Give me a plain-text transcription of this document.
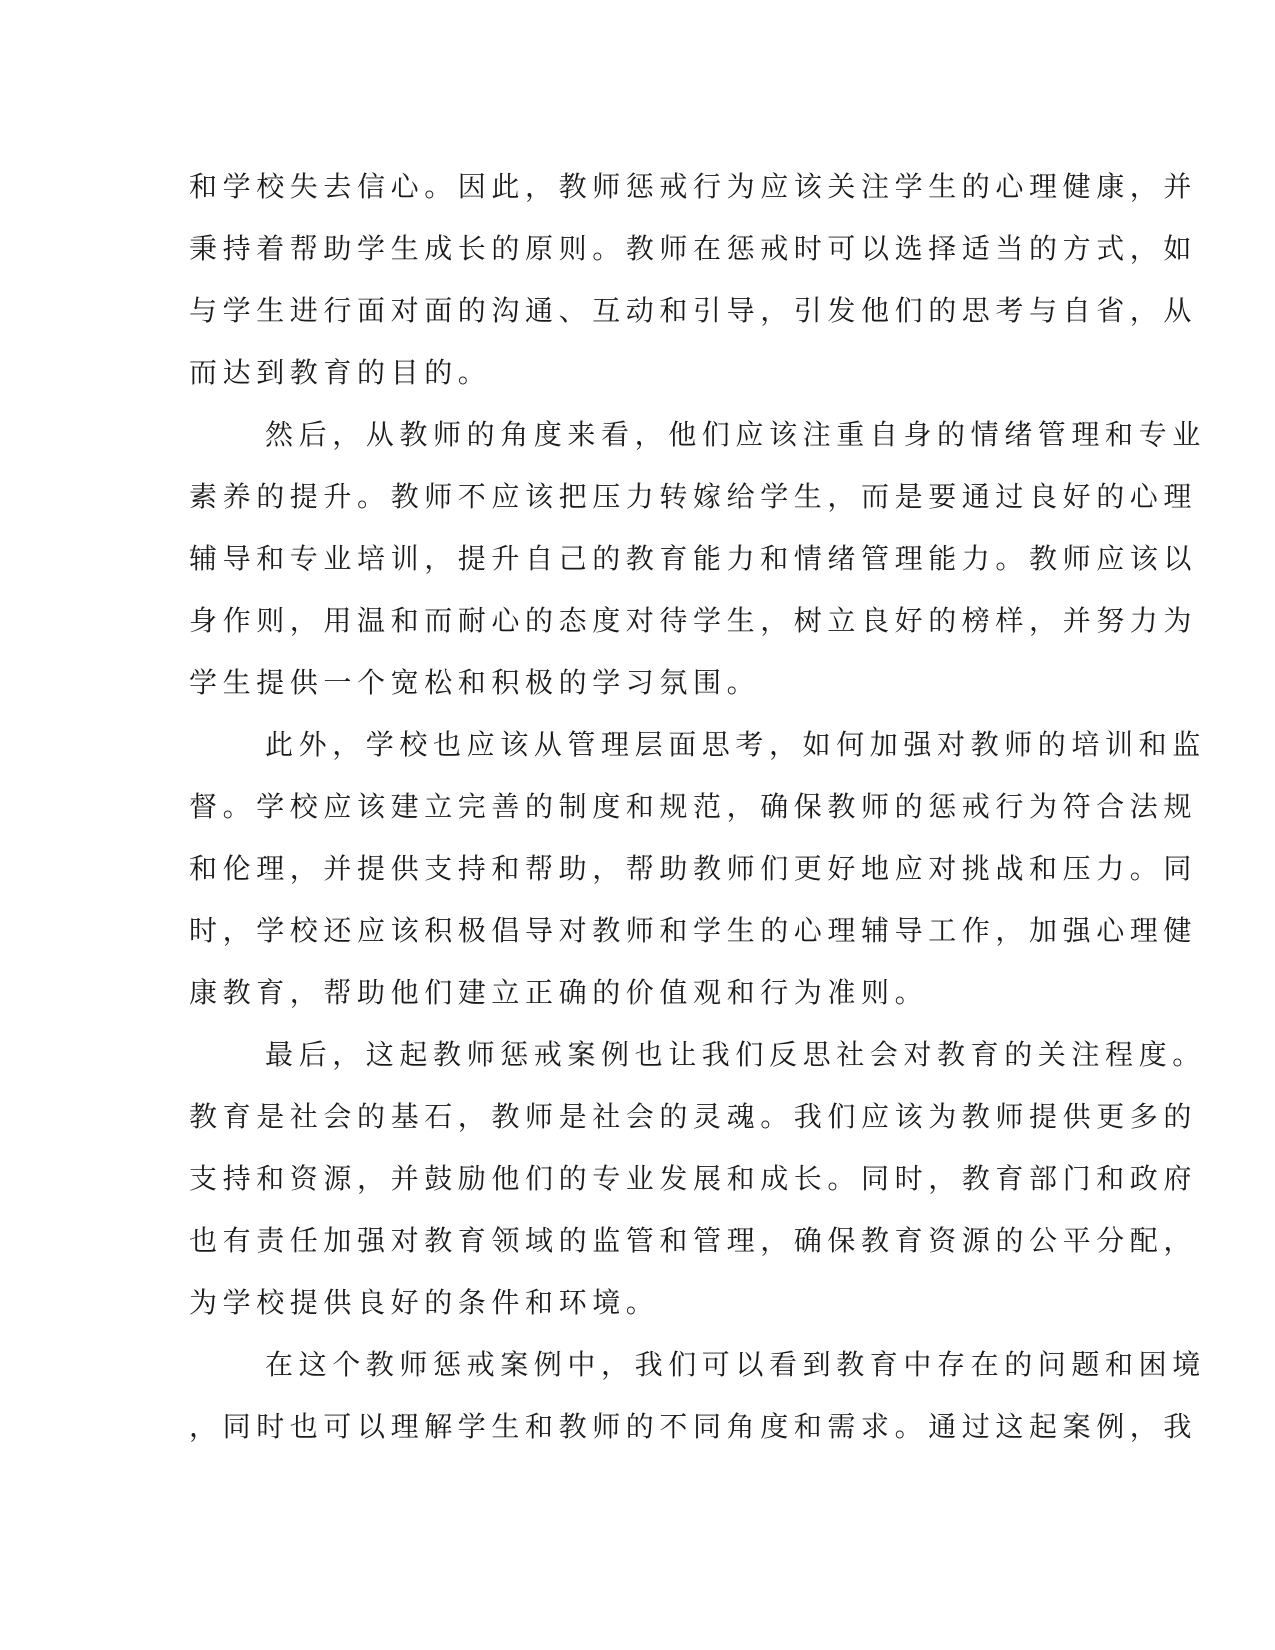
和学校失去信心。因此，教师惩戒行为应该关注学生的心理健康，并
秉持着帮助学生成长的原则。教师在惩戒时可以选择适当的方式，如
与学生进行面对面的沟通、互动和引导，引发他们的思考与自省，从
而达到教育的目的。
然后，从教师的角度来看，他们应该注重自身的情绪管理和专业
素养的提升。教师不应该把压力转嫁给学生，而是要通过良好的心理
辅导和专业培训，提升自己的教育能力和情绪管理能力。教师应该以
身作则，用温和而耐心的态度对待学生，树立良好的榜样，并努力为
学生提供一个宽松和积极的学习氛围。
此外，学校也应该从管理层面思考，如何加强对教师的培训和监
督。学校应该建立完善的制度和规范，确保教师的惩戒行为符合法规
和伦理，并提供支持和帮助，帮助教师们更好地应对挑战和压力。同
时，学校还应该积极倡导对教师和学生的心理辅导工作，加强心理健
康教育，帮助他们建立正确的价值观和行为准则。
最后，这起教师惩戒案例也让我们反思社会对教育的关注程度。
教育是社会的基石，教师是社会的灵魂。我们应该为教师提供更多的
支持和资源，并鼓励他们的专业发展和成长。同时，教育部门和政府
也有责任加强对教育领域的监管和管理，确保教育资源的公平分配，
为学校提供良好的条件和环境。
在这个教师惩戒案例中，我们可以看到教育中存在的问题和困境
，同时也可以理解学生和教师的不同角度和需求。通过这起案例，我
